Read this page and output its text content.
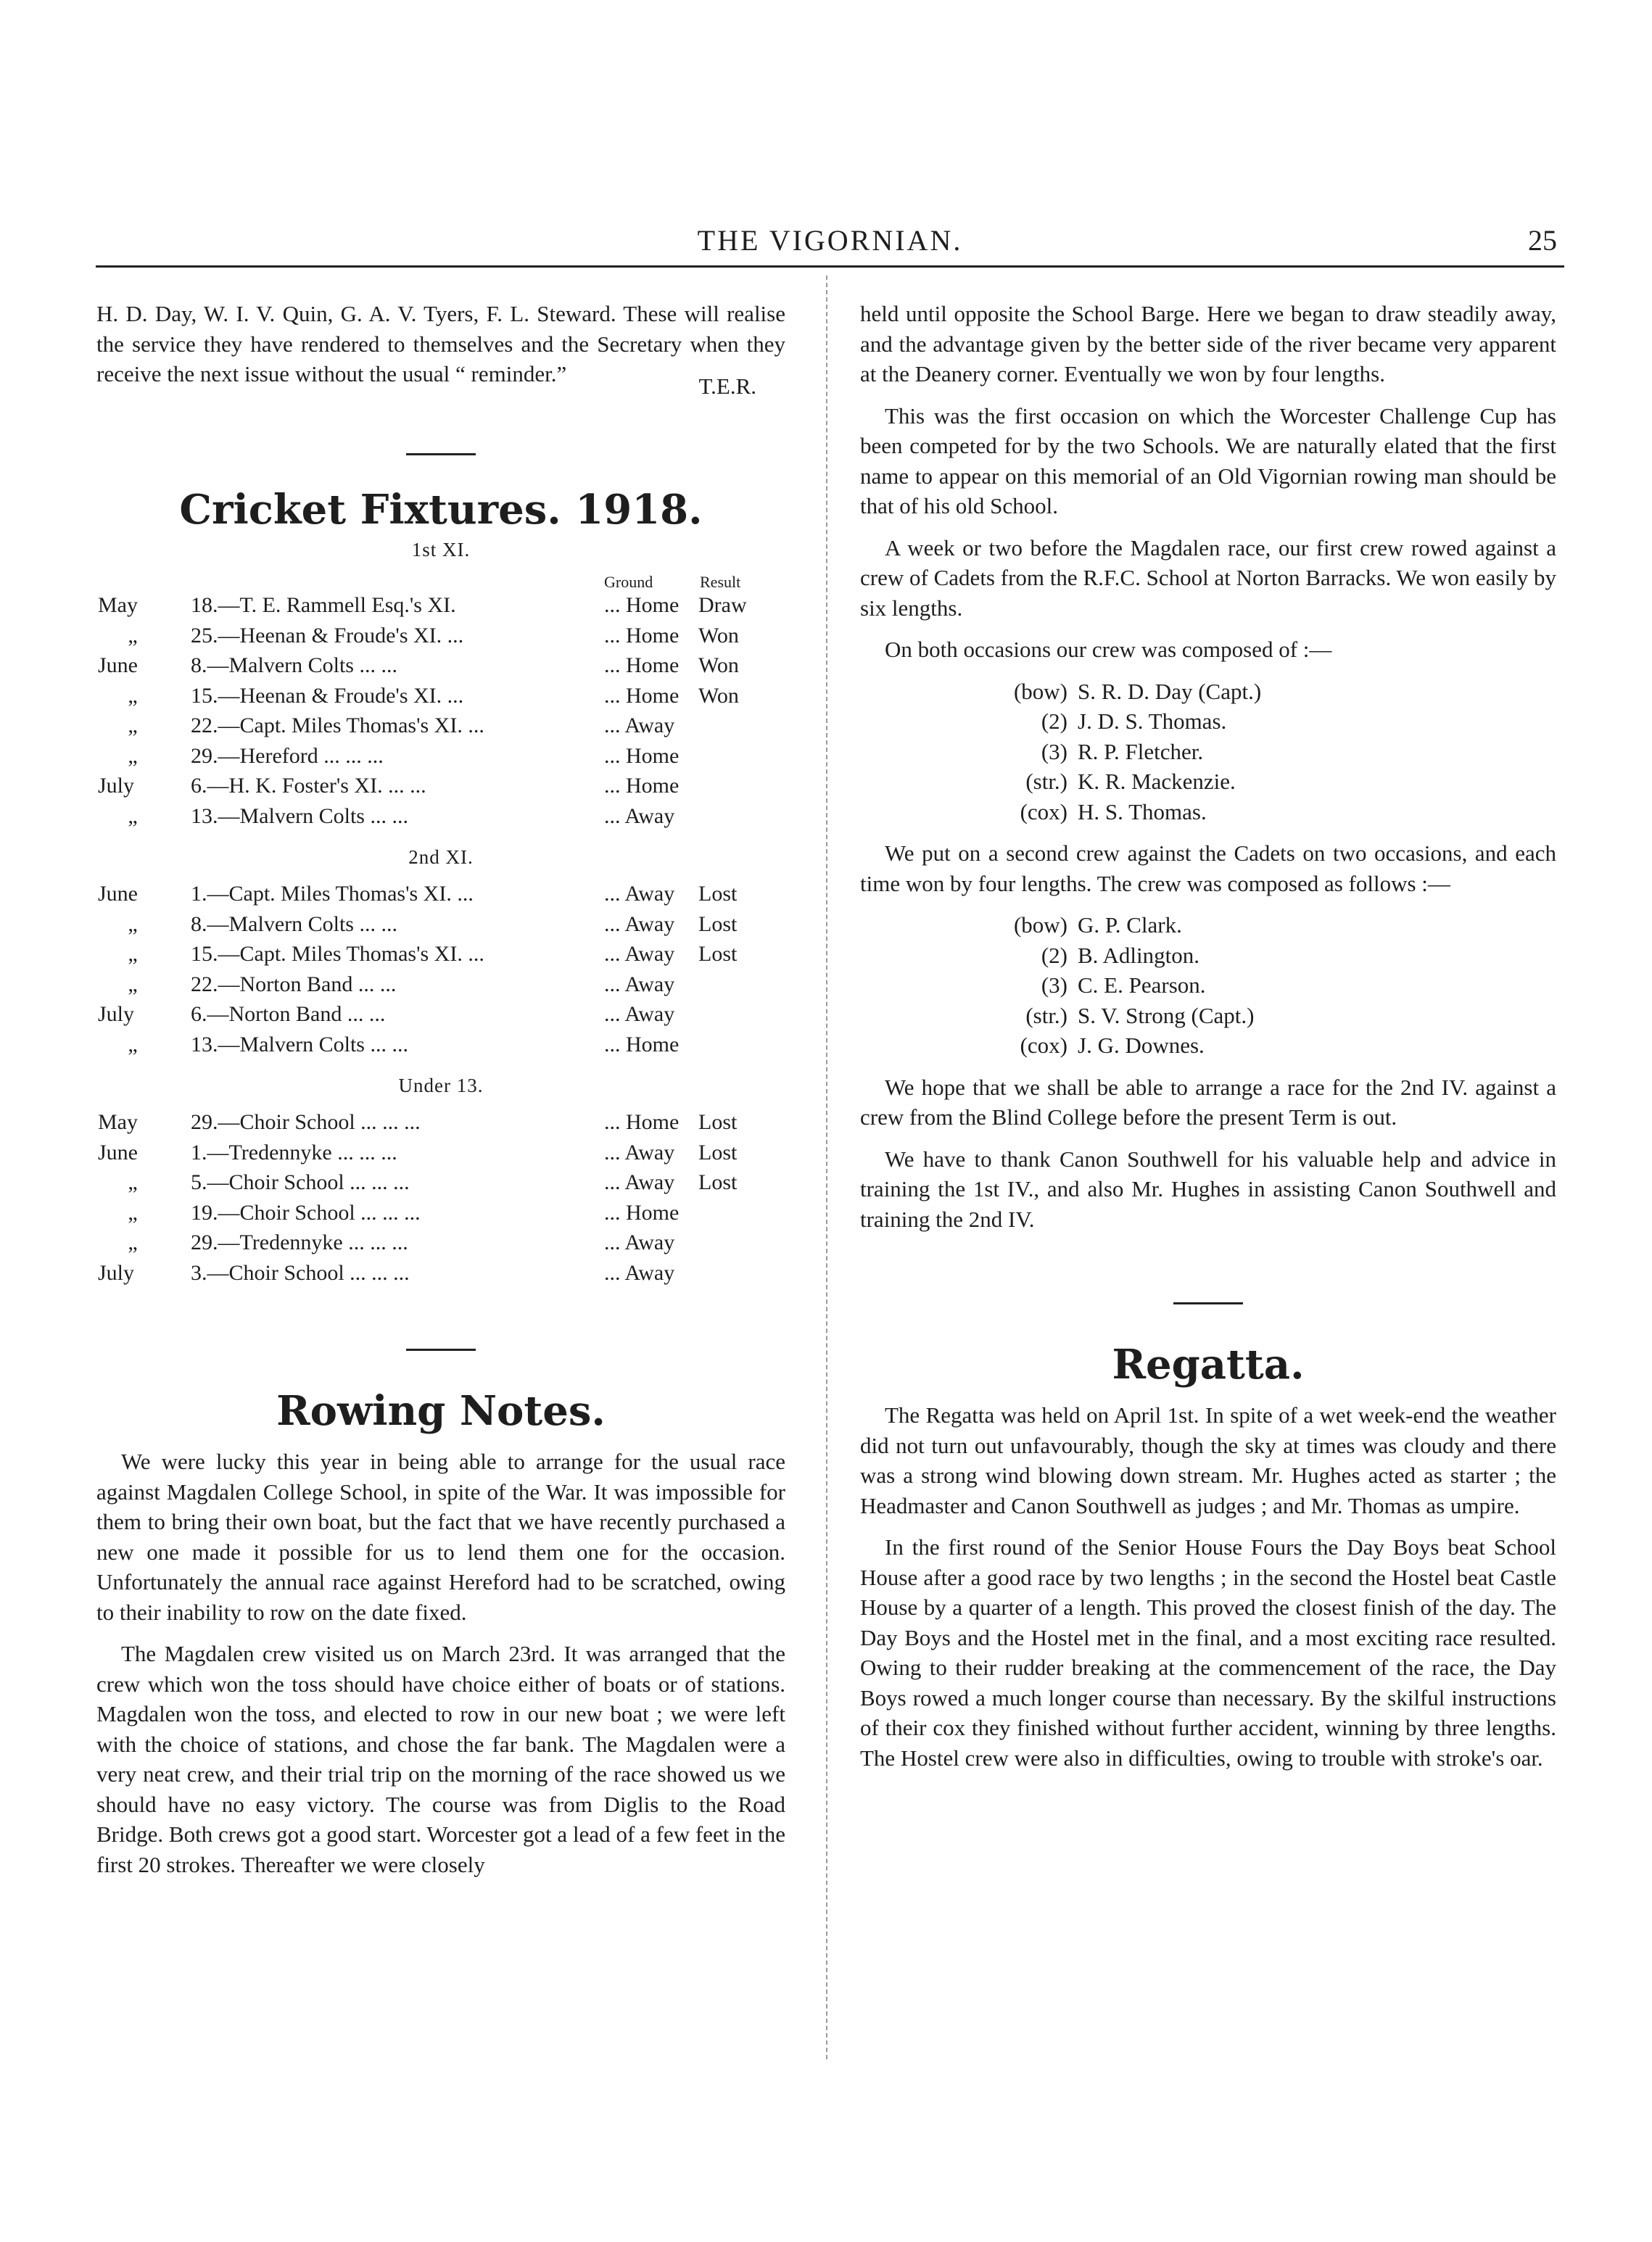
THE VIGORNIAN.	25

H. D. Day, W. I. V. Quin, G. A. V. Tyers, F. L. Steward. These will realise the service they have rendered to themselves and the Secretary when they receive the next issue without the usual “ reminder.”	T.E.R.
Cricket Fixtures. 1918.
1st XI.
Ground	Result
May	18.—T. E. Rammell Esq.'s XI.	... Home Draw
„	25.—Heenan & Froude's XI. ...	... Home Won
June	8.—Malvern Colts ... ...	... Home Won
„	15.—Heenan & Froude's XI. ...	... Home Won
„	22.—Capt. Miles Thomas's XI. ...	... Away
„	29.—Hereford ... ... ...	... Home
July	6.—H. K. Foster's XI. ... ...	... Home
„	13.—Malvern Colts ... ...	... Away
2nd XI.
June	1.—Capt. Miles Thomas's XI. ...	... Away	Lost
„	8.—Malvern Colts ... ...	... Away	Lost
„	15.—Capt. Miles Thomas's XI. ...	... Away	Lost
„	22.—Norton Band ... ...	... Away
July	6.—Norton Band ... ...	... Away
„	13.—Malvern Colts ... ...	... Home
Under 13.
May	29.—Choir School ... ... ...	... Home Lost
June	1.—Tredennyke ... ... ...	... Away	Lost
„	5.—Choir School ... ... ...	... Away	Lost
„	19.—Choir School ... ... ...	... Home
„	29.—Tredennyke ... ... ...	... Away
July	3.—Choir School ... ... ...	... Away
Rowing Notes.

We were lucky this year in being able to arrange for the usual race against Magdalen College School, in spite of the War. It was impossible for them to bring their own boat, but the fact that we have recently purchased a new one made it possible for us to lend them one for the occasion. Unfortunately the annual race against Hereford had to be scratched, owing to their inability to row on the date fixed.

The Magdalen crew visited us on March 23rd. It was arranged that the crew which won the toss should have choice either of boats or of stations. Magdalen won the toss, and elected to row in our new boat ; we were left with the choice of stations, and chose the far bank. The Magdalen were a very neat crew, and their trial trip on the morning of the race showed us we should have no easy victory. The course was from Diglis to the Road Bridge. Both crews got a good start. Worcester got a lead of a few feet in the first 20 strokes. Thereafter we were closely

held until opposite the School Barge. Here we began to draw steadily away, and the advantage given by the better side of the river became very apparent at the Deanery corner. Eventually we won by four lengths.

This was the first occasion on which the Worcester Challenge Cup has been competed for by the two Schools. We are naturally elated that the first name to appear on this memorial of an Old Vigornian rowing man should be that of his old School.

A week or two before the Magdalen race, our first crew rowed against a crew of Cadets from the R.F.C. School at Norton Barracks. We won easily by six lengths.

On both occasions our crew was composed of :—

(bow) S. R. D. Day (Capt.)
(2) J. D. S. Thomas.
(3) R. P. Fletcher.
(str.) K. R. Mackenzie.
(cox) H. S. Thomas.

We put on a second crew against the Cadets on two occasions, and each time won by four lengths. The crew was composed as follows :—

(bow) G. P. Clark.
(2) B. Adlington.
(3) C. E. Pearson.
(str.) S. V. Strong (Capt.)
(cox) J. G. Downes.

We hope that we shall be able to arrange a race for the 2nd IV. against a crew from the Blind College before the present Term is out.

We have to thank Canon Southwell for his valuable help and advice in training the 1st IV., and also Mr. Hughes in assisting Canon Southwell and training the 2nd IV.

Regatta.

The Regatta was held on April 1st. In spite of a wet week-end the weather did not turn out unfavourably, though the sky at times was cloudy and there was a strong wind blowing down stream. Mr. Hughes acted as starter ; the Headmaster and Canon Southwell as judges ; and Mr. Thomas as umpire.

In the first round of the Senior House Fours the Day Boys beat School House after a good race by two lengths ; in the second the Hostel beat Castle House by a quarter of a length. This proved the closest finish of the day. The Day Boys and the Hostel met in the final, and a most exciting race resulted. Owing to their rudder breaking at the commencement of the race, the Day Boys rowed a much longer course than necessary. By the skilful instructions of their cox they finished without further accident, winning by three lengths. The Hostel crew were also in difficulties, owing to trouble with stroke's oar.
